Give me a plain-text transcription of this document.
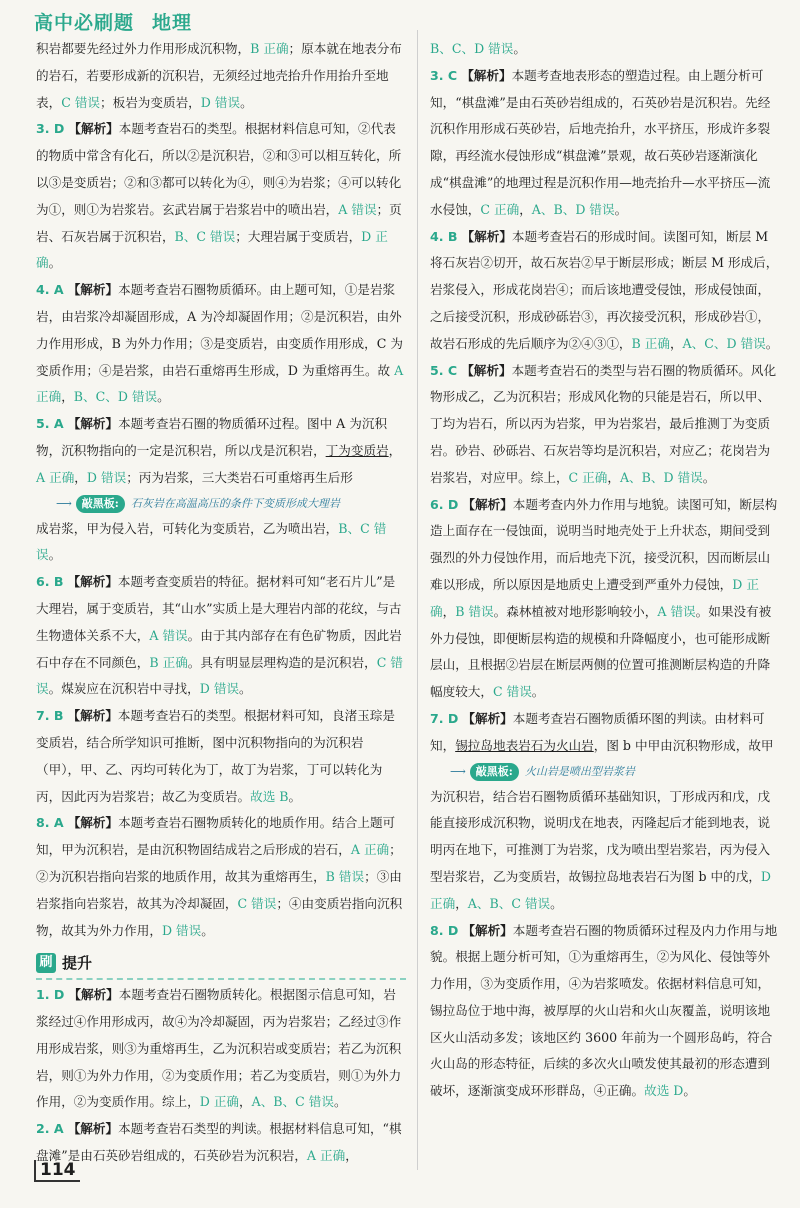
高中必刷题 地理

积岩都要先经过外力作用形成沉积物，B 正确；原本就在地表分布的岩石，若要形成新的沉积岩，无须经过地壳抬升作用抬升至地表，C 错误；板岩为变质岩，D 错误。

3. D 【解析】本题考查岩石的类型。根据材料信息可知，②代表的物质中常含有化石，所以②是沉积岩，②和③可以相互转化，所以③是变质岩；②和③都可以转化为④，则④为岩浆；④可以转化为①，则①为岩浆岩。玄武岩属于岩浆岩中的喷出岩，A 错误；页岩、石灰岩属于沉积岩，B、C 错误；大理岩属于变质岩，D 正确。

4. A 【解析】本题考查岩石圈物质循环。由上题可知，①是岩浆岩，由岩浆冷却凝固形成，A 为冷却凝固作用；②是沉积岩，由外力作用形成，B 为外力作用；③是变质岩，由变质作用形成，C 为变质作用；④是岩浆，由岩石重熔再生形成，D 为重熔再生。故 A 正确，B、C、D 错误。

5. A 【解析】本题考查岩石圈的物质循环过程。图中 A 为沉积物，沉积物指向的一定是沉积岩，所以戊是沉积岩，丁为变质岩，A 正确，D 错误；丙为岩浆，三大类岩石可重熔再生后形

⟶ 敲黑板:	石灰岩在高温高压的条件下变质形成大理岩

成岩浆，甲为侵入岩，可转化为变质岩，乙为喷出岩，B、C 错误。

6. B 【解析】本题考查变质岩的特征。据材料可知“老石片儿”是大理岩，属于变质岩，其“山水”实质上是大理岩内部的花纹，与古生物遗体关系不大，A 错误。由于其内部存在有色矿物质，因此岩石中存在不同颜色，B 正确。具有明显层理构造的是沉积岩，C 错误。煤炭应在沉积岩中寻找，D 错误。

7. B 【解析】本题考查岩石的类型。根据材料可知，良渚玉琮是变质岩，结合所学知识可推断，图中沉积物指向的为沉积岩（甲），甲、乙、丙均可转化为丁，故丁为岩浆，丁可以转化为丙，因此丙为岩浆岩；故乙为变质岩。故选 B。

8. A 【解析】本题考查岩石圈物质转化的地质作用。结合上题可知，甲为沉积岩，是由沉积物固结成岩之后形成的岩石，A 正确；②为沉积岩指向岩浆的地质作用，故其为重熔再生，B 错误；③由岩浆指向岩浆岩，故其为冷却凝固，C 错误；④由变质岩指向沉积物，故其为外力作用，D 错误。

刷 提升

1. D 【解析】本题考查岩石圈物质转化。根据图示信息可知，岩浆经过④作用形成丙，故④为冷却凝固，丙为岩浆岩；乙经过③作用形成岩浆，则③为重熔再生，乙为沉积岩或变质岩；若乙为沉积岩，则①为外力作用，②为变质作用；若乙为变质岩，则①为外力作用，②为变质作用。综上，D 正确，A、B、C 错误。

2. A 【解析】本题考查岩石类型的判读。根据材料信息可知，“棋盘滩”是由石英砂岩组成的，石英砂岩为沉积岩，A 正确，

B、C、D 错误。

3. C 【解析】本题考查地表形态的塑造过程。由上题分析可知，“棋盘滩”是由石英砂岩组成的，石英砂岩是沉积岩。先经沉积作用形成石英砂岩，后地壳抬升，水平挤压，形成许多裂隙，再经流水侵蚀形成“棋盘滩”景观，故石英砂岩逐渐演化成“棋盘滩”的地理过程是沉积作用—地壳抬升—水平挤压—流水侵蚀，C 正确，A、B、D 错误。

4. B 【解析】本题考查岩石的形成时间。读图可知，断层 M 将石灰岩②切开，故石灰岩②早于断层形成；断层 M 形成后，岩浆侵入，形成花岗岩④；而后该地遭受侵蚀，形成侵蚀面，之后接受沉积，形成砂砾岩③，再次接受沉积，形成砂岩①，故岩石形成的先后顺序为②④③①，B 正确，A、C、D 错误。

5. C 【解析】本题考查岩石的类型与岩石圈的物质循环。风化物形成乙，乙为沉积岩；形成风化物的只能是岩石，所以甲、丁均为岩石，所以丙为岩浆，甲为岩浆岩，最后推测丁为变质岩。砂岩、砂砾岩、石灰岩等均是沉积岩，对应乙；花岗岩为岩浆岩，对应甲。综上，C 正确，A、B、D 错误。

6. D 【解析】本题考查内外力作用与地貌。读图可知，断层构造上面存在一侵蚀面，说明当时地壳处于上升状态，期间受到强烈的外力侵蚀作用，而后地壳下沉，接受沉积，因而断层山难以形成，所以原因是地质史上遭受到严重外力侵蚀，D 正确，B 错误。森林植被对地形影响较小，A 错误。如果没有被外力侵蚀，即便断层构造的规模和升降幅度小，也可能形成断层山，且根据②岩层在断层两侧的位置可推测断层构造的升降幅度较大，C 错误。

7. D 【解析】本题考查岩石圈物质循环图的判读。由材料可知，锡拉岛地表岩石为火山岩，图 b 中甲由沉积物形成，故甲

⟶ 敲黑板:	火山岩是喷出型岩浆岩

为沉积岩，结合岩石圈物质循环基础知识，丁形成丙和戊，戊能直接形成沉积物，说明戊在地表，丙隆起后才能到地表，说明丙在地下，可推测丁为岩浆，戊为喷出型岩浆岩，丙为侵入型岩浆岩，乙为变质岩，故锡拉岛地表岩石为图 b 中的戊，D 正确，A、B、C 错误。

8. D 【解析】本题考查岩石圈的物质循环过程及内力作用与地貌。根据上题分析可知，①为重熔再生，②为风化、侵蚀等外力作用，③为变质作用，④为岩浆喷发。依据材料信息可知，锡拉岛位于地中海，被厚厚的火山岩和火山灰覆盖，说明该地区火山活动多发；该地区约 3600 年前为一个圆形岛屿，符合火山岛的形态特征，后续的多次火山喷发使其最初的形态遭到破坏，逐渐演变成环形群岛，④正确。故选 D。

114
